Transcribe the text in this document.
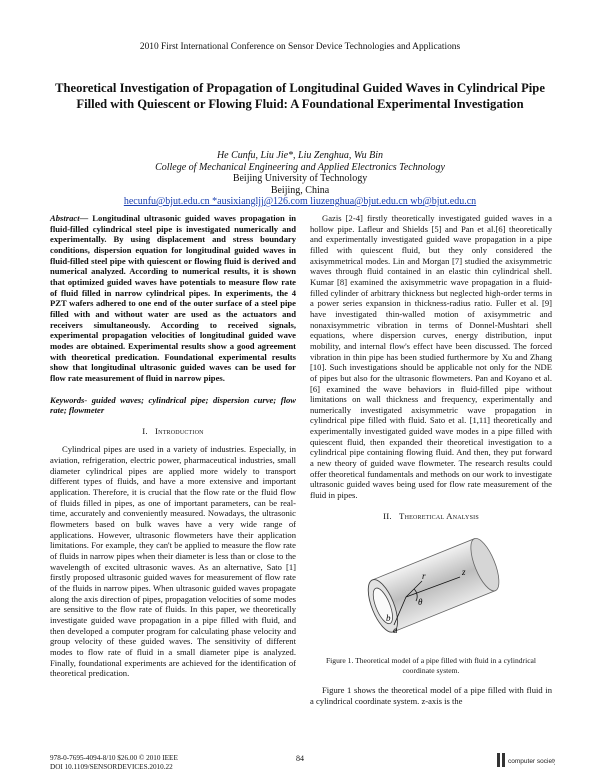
2010 First International Conference on Sensor Device Technologies and Applications
Theoretical Investigation of Propagation of Longitudinal Guided Waves in Cylindrical Pipe Filled with Quiescent or Flowing Fluid: A Foundational Experimental Investigation
He Cunfu, Liu Jie*, Liu Zenghua, Wu Bin
College of Mechanical Engineering and Applied Electronics Technology
Beijing University of Technology
Beijing, China
hecunfu@bjut.edu.cn *ausixiangljj@126.com liuzenghua@bjut.edu.cn wb@bjut.edu.cn
Abstract— Longitudinal ultrasonic guided waves propagation in fluid-filled cylindrical steel pipe is investigated numerically and experimentally. By using displacement and stress boundary conditions, dispersion equation for longitudinal guided waves in fluid-filled steel pipe with quiescent or flowing fluid is derived and numerical analyzed. According to numerical results, it is shown that optimized guided waves have potentials to measure flow rate of fluid filled in narrow cylindrical pipes. In experiments, the 4 PZT wafers adhered to one end of the outer surface of a steel pipe filled with and without water are used as the actuators and receivers simultaneously. According to received signals, experimental propagation velocities of longitudinal guided wave modes are obtained. Experimental results show a good agreement with theoretical predication. Foundational experimental results show that longitudinal ultrasonic guided waves can be used for flow rate measurement of fluid in narrow pipes.
Keywords- guided waves; cylindrical pipe; dispersion curve; flow rate; flowmeter
I. Introduction

Cylindrical pipes are used in a variety of industries. Especially, in aviation, refrigeration, electric power, pharmaceutical industries, small diameter cylindrical pipes are applied more widely to transport different types of fluids, and have a more extensive and important application. Therefore, it is crucial that the flow rate or the fluid flow of fluids filled in pipes, as one of important parameters, can be real-time, accurately and conveniently measured. Nowadays, the ultrasonic flowmeters based on bulk waves have a very wide range of applications. However, ultrasonic flowmeters have their application limitations. For example, they can't be applied to measure the flow rate of fluids in narrow pipes when their diameter is less than or close to the wavelength of excited ultrasonic waves. As an alternative, Sato [1] firstly proposed ultrasonic guided waves for measurement of flow rate of the fluids in narrow pipes. When ultrasonic guided waves propagate along the axis direction of pipes, propagation velocities of some modes are sensitive to the flow rate of fluids. In this paper, we theoretically investigate guided wave propagation in a pipe filled with fluid, and then developed a computer program for calculating phase velocity and group velocity of these guided waves. The sensitivity of different modes to flow rate of fluid in a small diameter pipe is analyzed. Finally, foundational experiments are achieved for the identification of theoretical predication.

Gazis [2-4] firstly theoretically investigated guided waves in a hollow pipe. Lafleur and Shields [5] and Pan et al.[6] theoretically and experimentally investigated guided wave propagation in a pipe filled with quiescent fluid, but they only considered the axisymmetrical modes. Lin and Morgan [7] studied the axisymmetric waves through fluid contained in an elastic thin cylindrical shell. Kumar [8] examined the axisymmetric wave propagation in a fluid-filled cylinder of arbitrary thickness but neglected high-order terms in a power series expansion in thickness-radius ratio. Fuller et al. [9] have investigated thin-walled motion of axisymmetric and nonaxisymmetric vibration in terms of Donnel-Mushtari shell equations, where dispersion curves, energy distribution, input mobility, and internal flow's effect have been discussed. The forced vibration in thin pipe has been studied furthermore by Xu and Zhang [10]. Such investigations should be applicable not only for the NDE of pipes but also for the ultrasonic flowmeters. Pan and Koyano et al. [6] examined the wave behaviors in fluid-filled pipe without limitations on wall thickness and frequency, experimentally and numerically investigated axisymmetric wave propagation in cylindrical pipe filled with fluid. Sato et al. [1,11] theoretically and experimentally investigated guided wave modes in a pipe filled with quiescent fluid, then expanded their theoretical investigation to a cylindrical pipe containing flowing fluid. And then, they put forward a new theory of guided wave flowmeter. The research results could offer theoretical fundamentals and methods on our work to investigate ultrasonic guided waves being used for flow rate measurement of the fluid in pipes.

II. Theoretical Analysis
z
r
θ
a
b
Figure 1. Theoretical model of a pipe filled with fluid in a cylindrical coordinate system.

Figure 1 shows the theoretical model of a pipe filled with fluid in a cylindrical coordinate system. z-axis is the

978-0-7695-4094-8/10 $26.00 © 2010 IEEE
DOI 10.1109/SENSORDEVICES.2010.22
84	computer society
